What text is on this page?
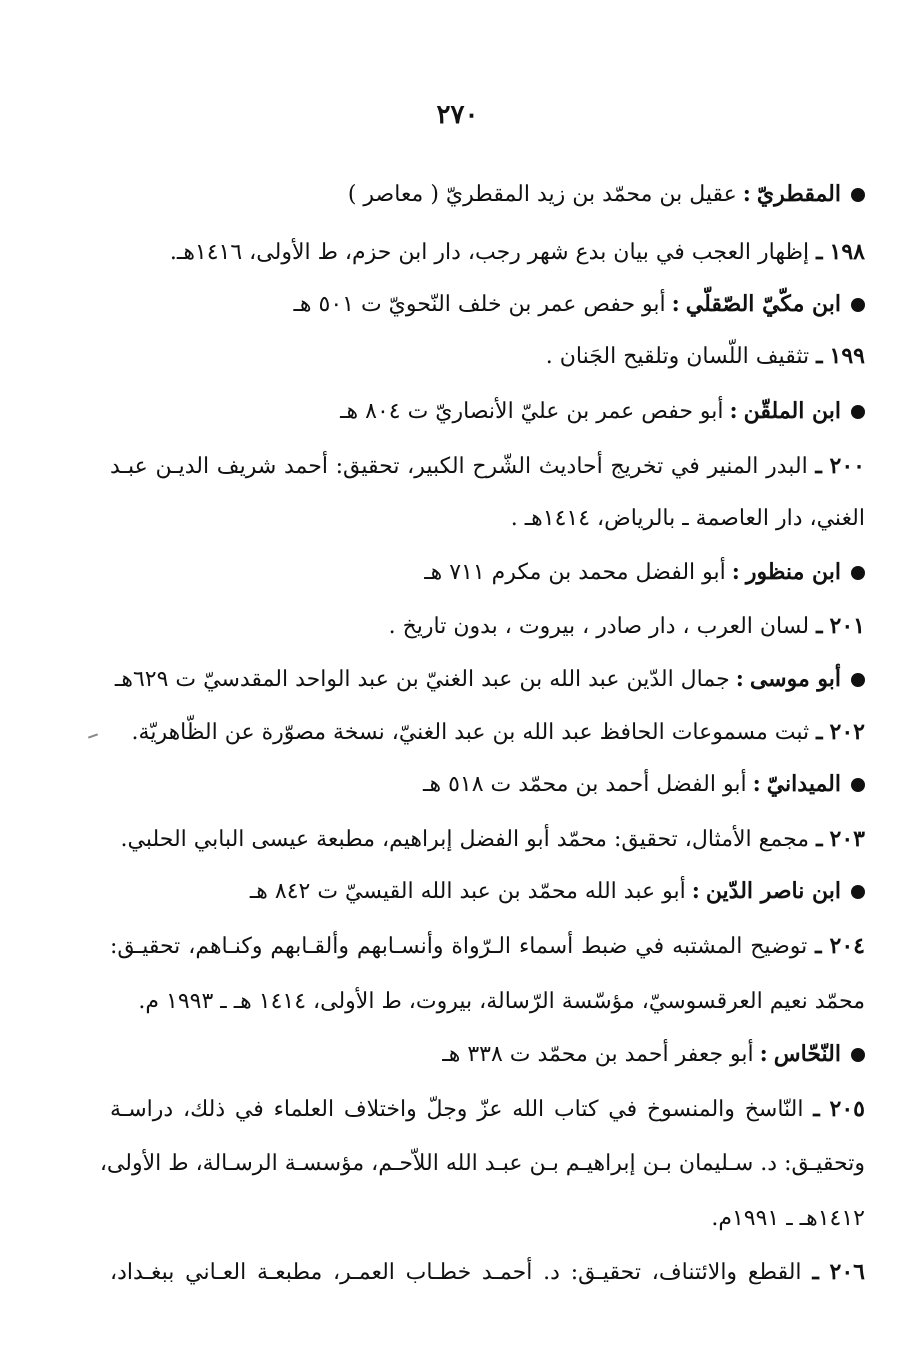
٢٧٠
المقطريّ:عقيل بن محمّد بن زيد المقطريّ ( معاصر )
١٩٨ ـ إظهار العجب في بيان بدع شهر رجب، دار ابن حزم، ط الأولى، ١٤١٦هـ.
ابن مكّيّ الصّقلّي:أبو حفص عمر بن خلف النّحويّ ت ٥٠١ هـ
١٩٩ ـ تثقيف اللّسان وتلقيح الجَنان .
ابن الملقّن:أبو حفص عمر بن عليّ الأنصاريّ ت ٨٠٤ هـ
٢٠٠ ـ البدر المنير في تخريج أحاديث الشّرح الكبير، تحقيق: أحمد شريف الديـن عبـد
الغني، دار العاصمة ـ بالرياض، ١٤١٤هـ .
ابن منظور:أبو الفضل محمد بن مكرم ٧١١ هـ
٢٠١ ـ لسان العرب ، دار صادر ، بيروت ، بدون تاريخ .
أبو موسى:جمال الدّين عبد الله بن عبد الغنيّ بن عبد الواحد المقدسيّ ت ٦٢٩هـ
٢٠٢ ـ ثبت مسموعات الحافظ عبد الله بن عبد الغنيّ، نسخة مصوّرة عن الظّاهريّة.
الميدانيّ:أبو الفضل أحمد بن محمّد ت ٥١٨ هـ
٢٠٣ ـ مجمع الأمثال، تحقيق: محمّد أبو الفضل إبراهيم، مطبعة عيسى البابي الحلبي.
ابن ناصر الدّين:أبو عبد الله محمّد بن عبد الله القيسيّ ت ٨٤٢ هـ
٢٠٤ ـ توضيح المشتبه في ضبط أسماء الـرّواة وأنسـابهم وألقـابهم وكنـاهم، تحقيـق:
محمّد نعيم العرقسوسيّ، مؤسّسة الرّسالة، بيروت، ط الأولى، ١٤١٤ هـ ـ ١٩٩٣ م.
النّحّاس:أبو جعفر أحمد بن محمّد ت ٣٣٨ هـ
٢٠٥ ـ النّاسخ والمنسوخ في كتاب الله عزّ وجلّ واختلاف العلماء في ذلك، دراسـة
وتحقيـق: د. سـليمان بـن إبراهيـم بـن عبـد الله اللاّحـم، مؤسسـة الرسـالة، ط الأولى،
١٤١٢هـ ـ ١٩٩١م.
٢٠٦ ـ القطع والائتناف، تحقيـق: د. أحمـد خطـاب العمـر، مطبعـة العـاني ببغـداد،
